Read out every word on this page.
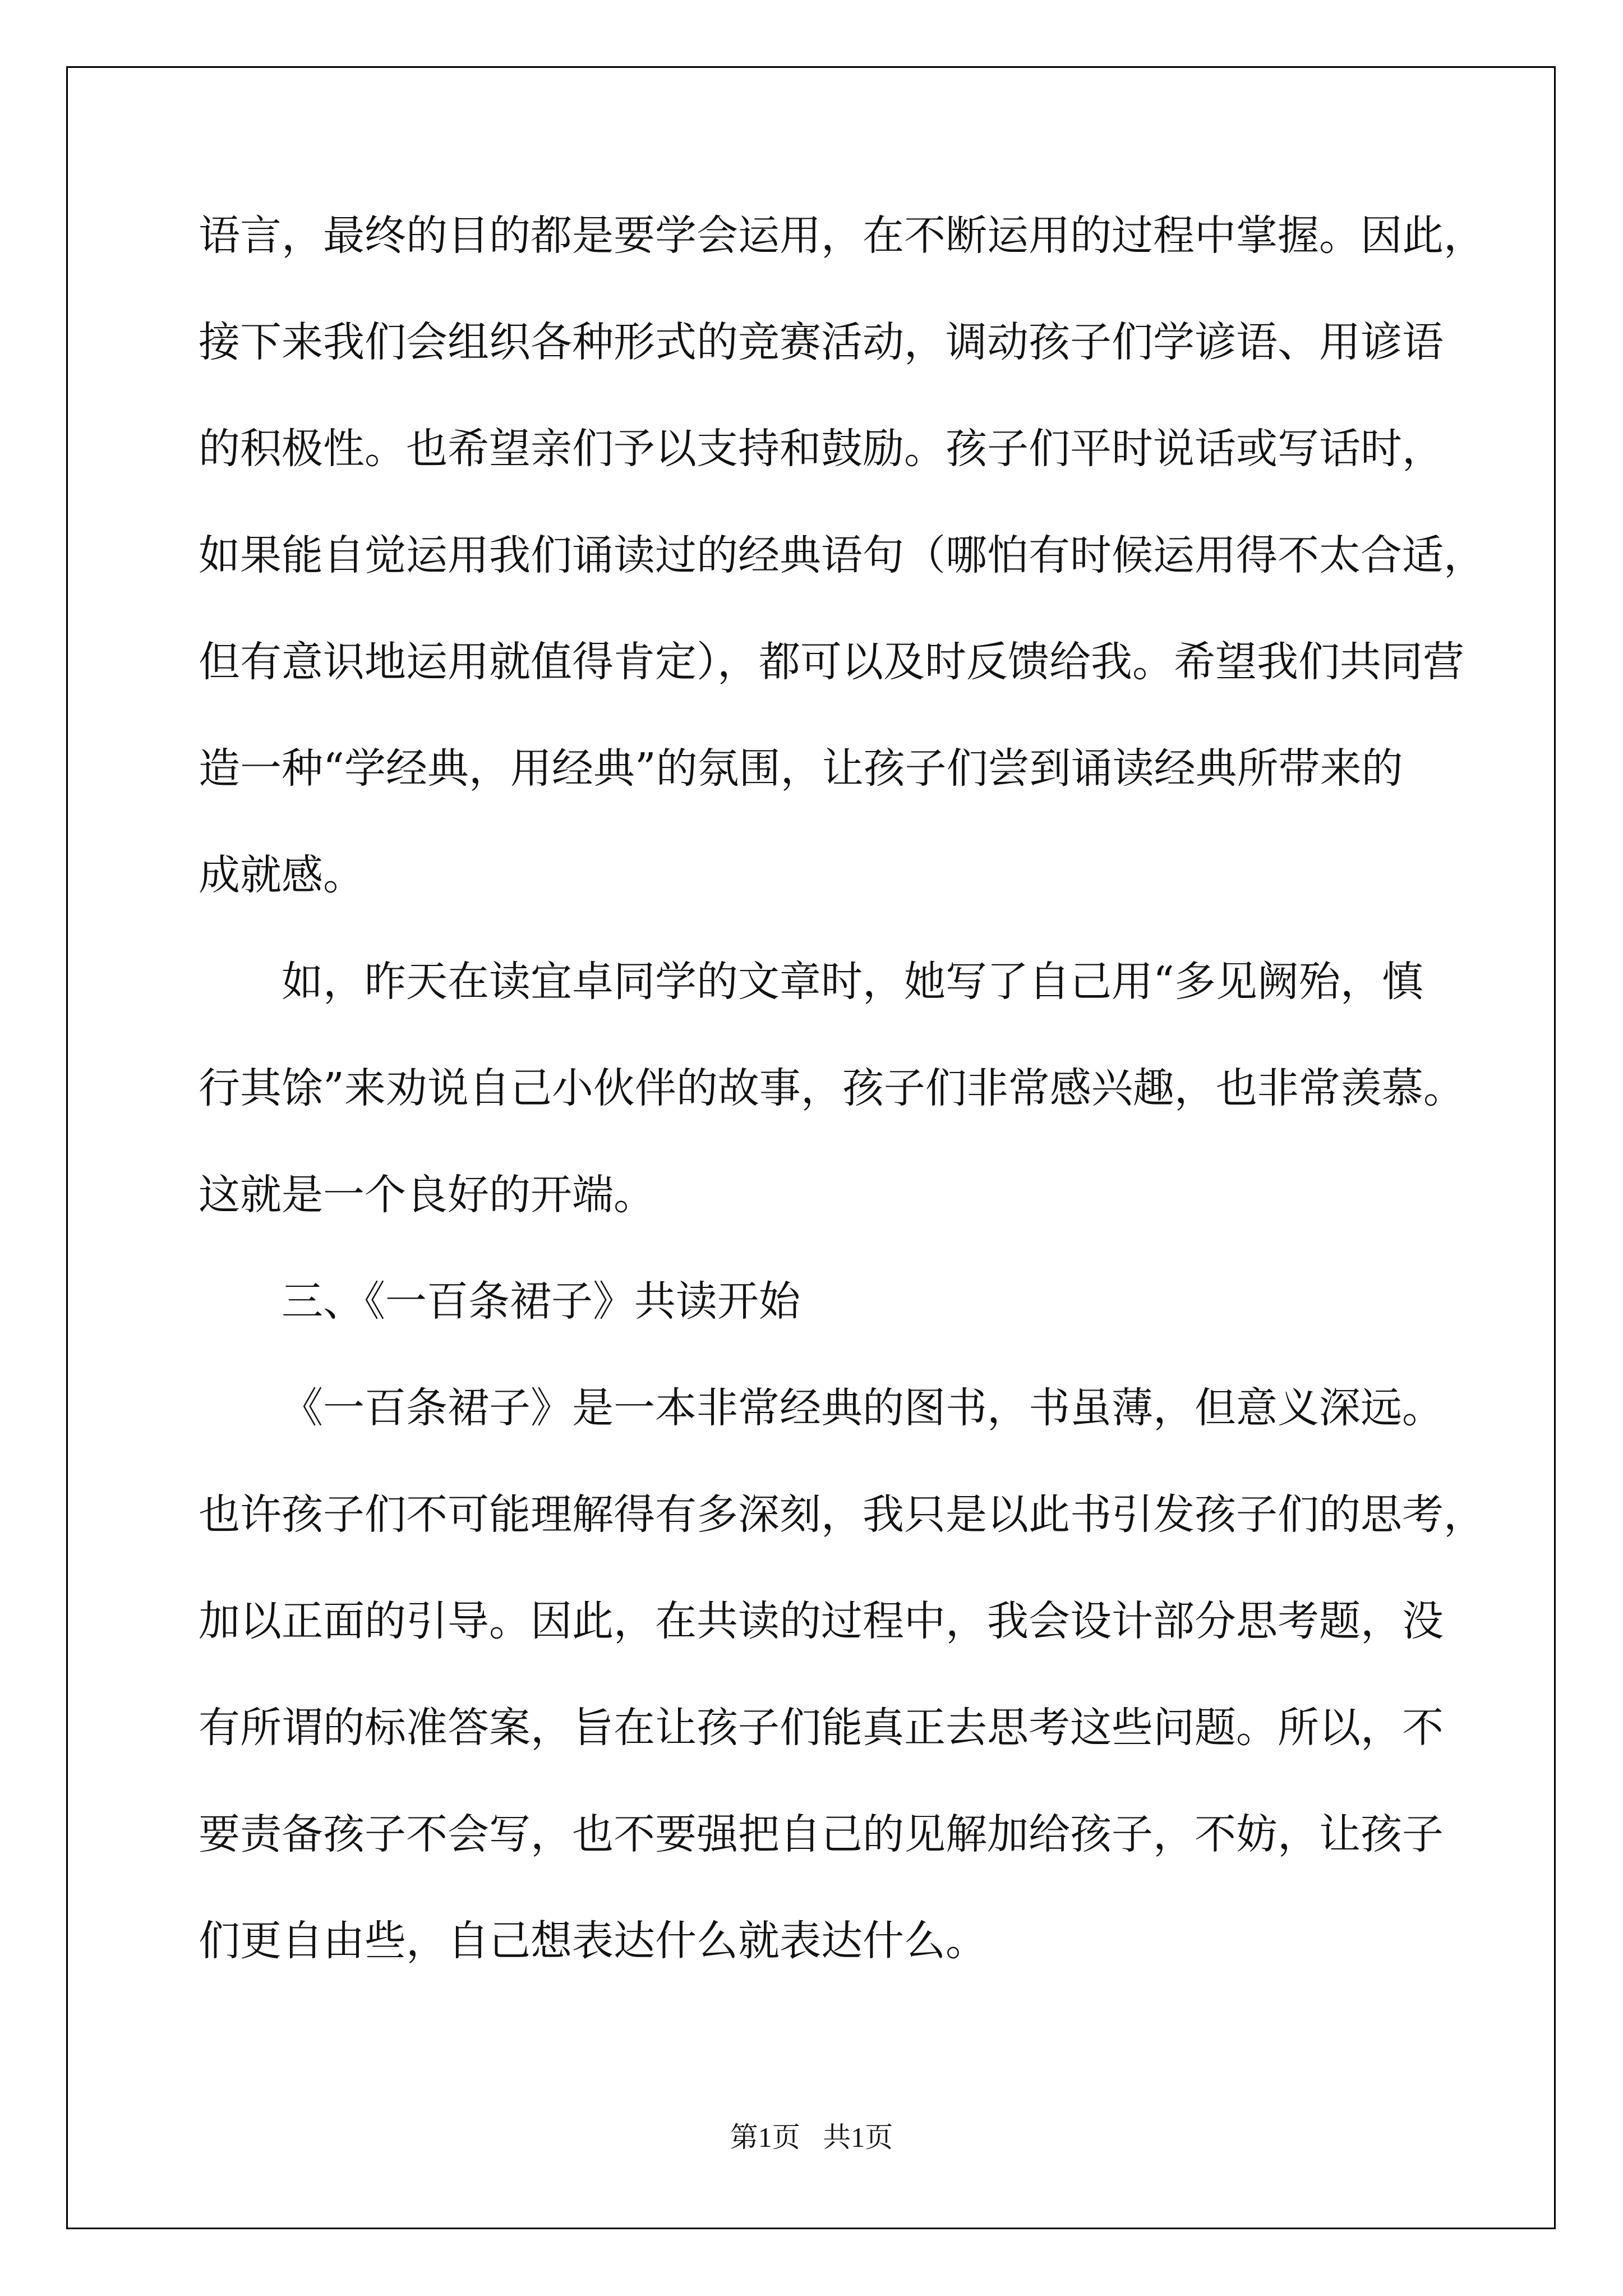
语言，最终的目的都是要学会运用，在不断运用的过程中掌握。因此，
接下来我们会组织各种形式的竞赛活动，调动孩子们学谚语、用谚语
的积极性。也希望亲们予以支持和鼓励。孩子们平时说话或写话时，
如果能自觉运用我们诵读过的经典语句（哪怕有时候运用得不太合适，
但有意识地运用就值得肯定），都可以及时反馈给我。希望我们共同营
造一种“学经典，用经典”的氛围，让孩子们尝到诵读经典所带来的
成就感。
如，昨天在读宜卓同学的文章时，她写了自己用“多见阙殆，慎
行其馀”来劝说自己小伙伴的故事，孩子们非常感兴趣，也非常羡慕。
这就是一个良好的开端。
三、《一百条裙子》共读开始
《一百条裙子》是一本非常经典的图书，书虽薄，但意义深远。
也许孩子们不可能理解得有多深刻，我只是以此书引发孩子们的思考，
加以正面的引导。因此，在共读的过程中，我会设计部分思考题，没
有所谓的标准答案，旨在让孩子们能真正去思考这些问题。所以，不
要责备孩子不会写，也不要强把自己的见解加给孩子，不妨，让孩子
们更自由些，自己想表达什么就表达什么。
第1页 共1页
